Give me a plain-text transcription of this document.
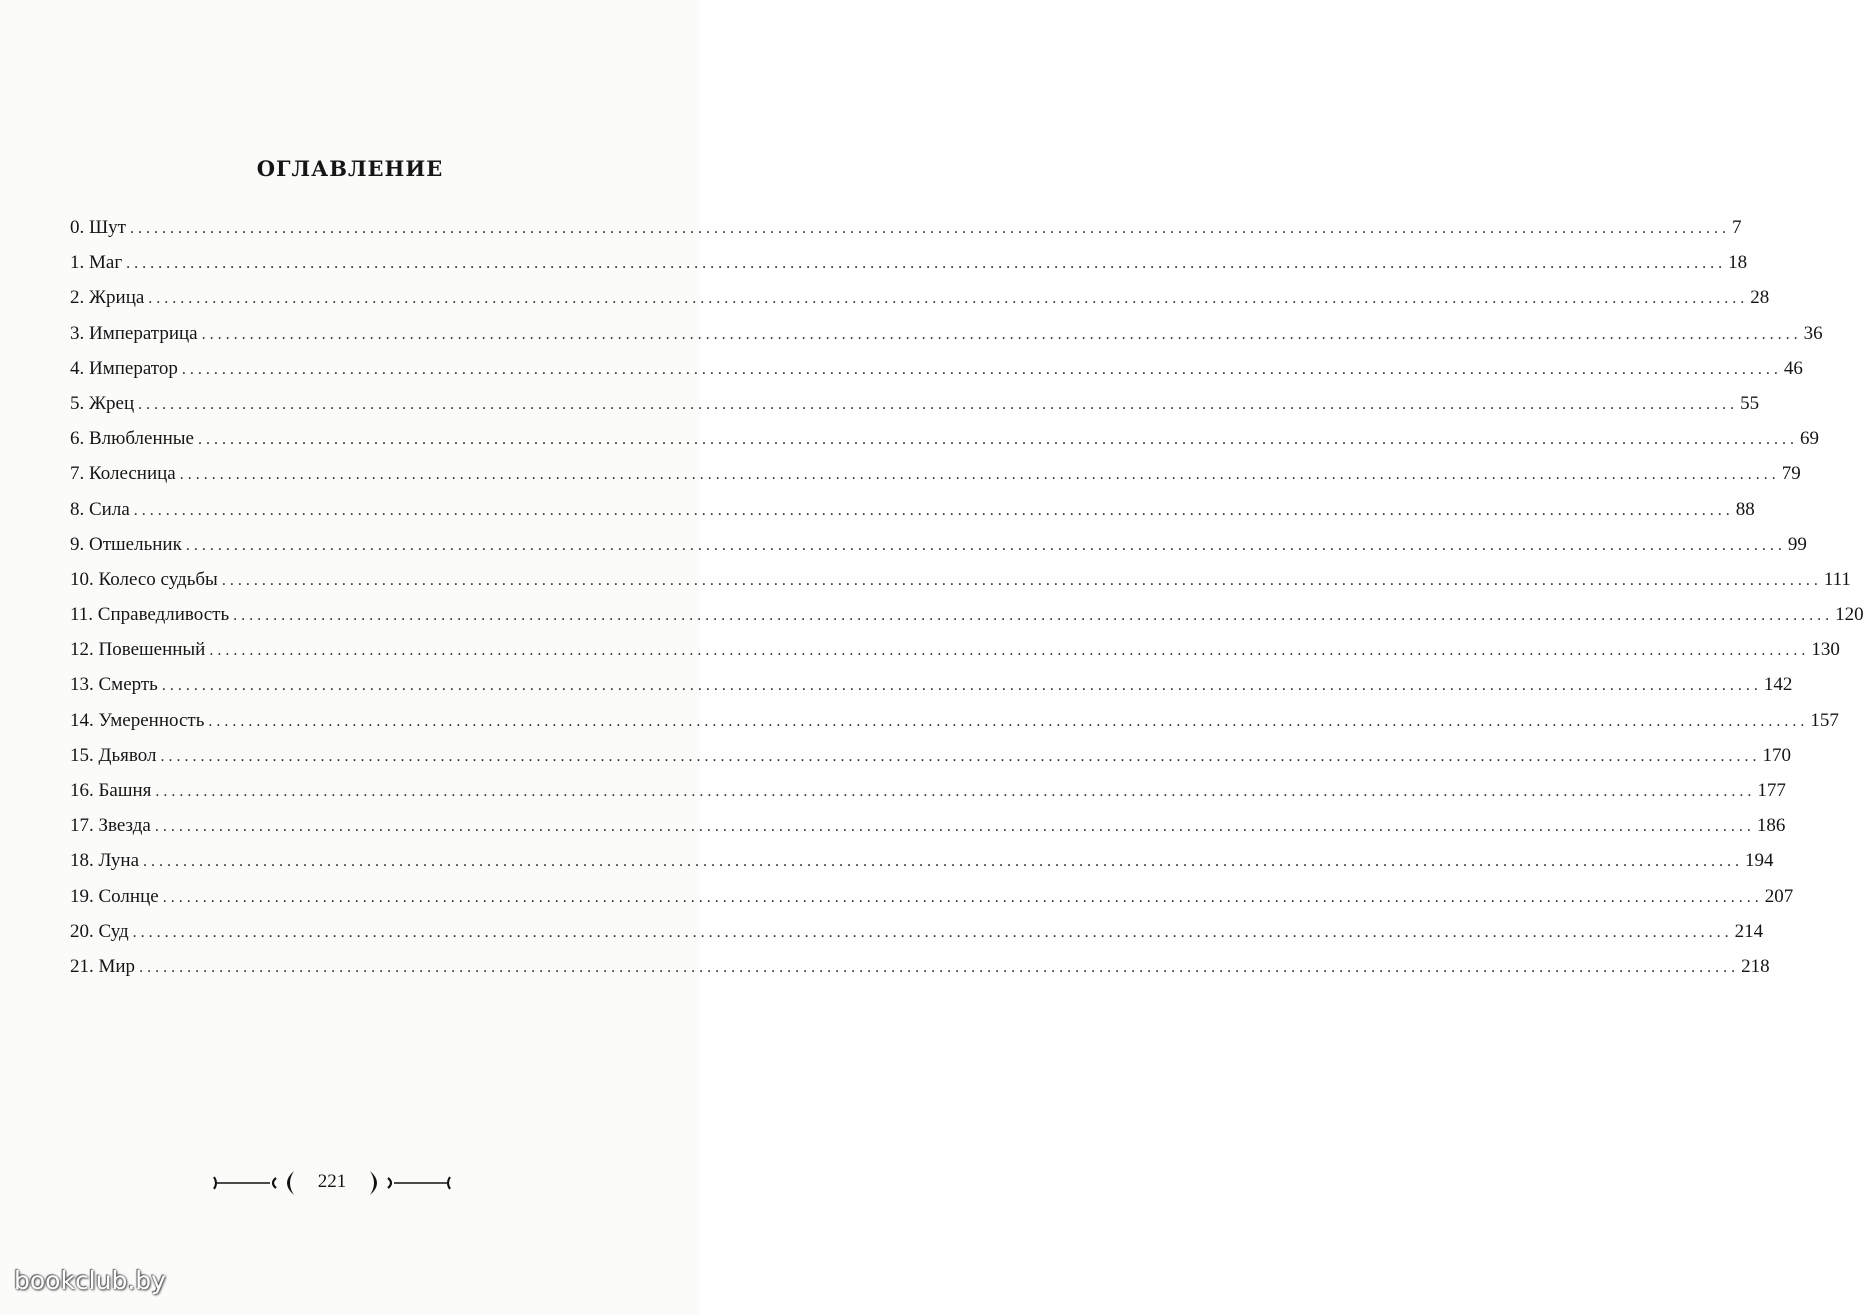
ОГЛАВЛЕНИЕ
0. Шут ........................................................................................................................................................................................................ 7
1. Маг ........................................................................................................................................................................................................ 18
2. Жрица ........................................................................................................................................................................................................ 28
3. Императрица ........................................................................................................................................................................................................ 36
4. Император ........................................................................................................................................................................................................ 46
5. Жрец ........................................................................................................................................................................................................ 55
6. Влюбленные ........................................................................................................................................................................................................ 69
7. Колесница ........................................................................................................................................................................................................ 79
8. Сила ........................................................................................................................................................................................................ 88
9. Отшельник ........................................................................................................................................................................................................ 99
10. Колесо судьбы ........................................................................................................................................................................................................ 111
11. Справедливость ........................................................................................................................................................................................................ 120
12. Повешенный ........................................................................................................................................................................................................ 130
13. Смерть ........................................................................................................................................................................................................ 142
14. Умеренность ........................................................................................................................................................................................................ 157
15. Дьявол ........................................................................................................................................................................................................ 170
16. Башня ........................................................................................................................................................................................................ 177
17. Звезда ........................................................................................................................................................................................................ 186
18. Луна ........................................................................................................................................................................................................ 194
19. Солнце ........................................................................................................................................................................................................ 207
20. Суд ........................................................................................................................................................................................................ 214
21. Мир ........................................................................................................................................................................................................ 218
221
bookclub.by
